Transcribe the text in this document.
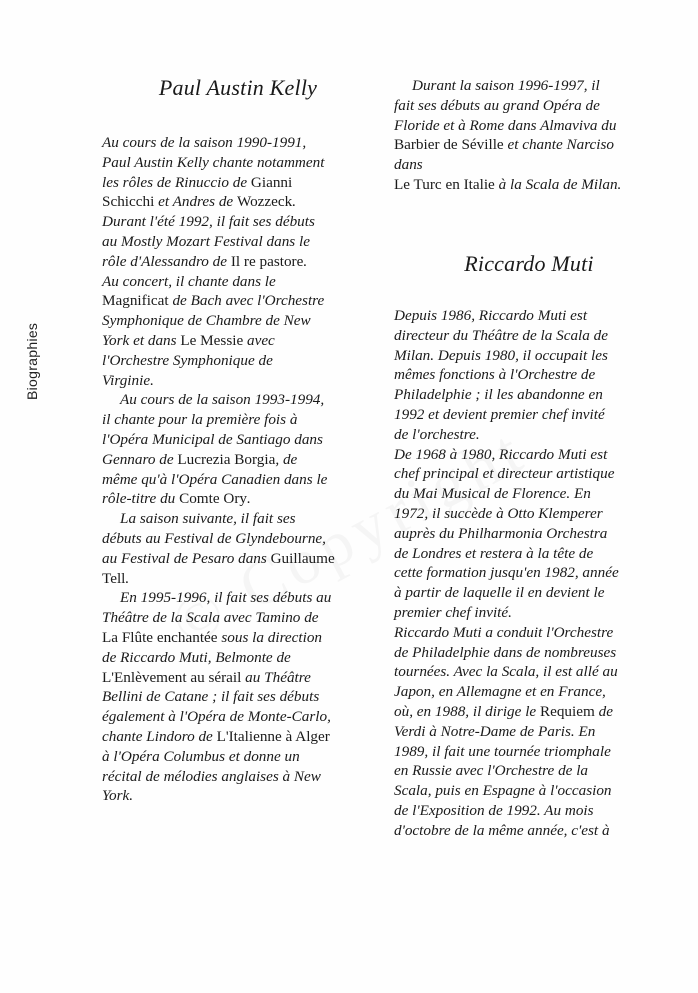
Biographies
Paul Austin Kelly
Au cours de la saison 1990-1991,
Paul Austin Kelly chante notamment
les rôles de Rinuccio de Gianni
Schicchi et Andres de Wozzeck.
Durant l'été 1992, il fait ses débuts
au Mostly Mozart Festival dans le
rôle d'Alessandro de Il re pastore.
Au concert, il chante dans le
Magnificat de Bach avec l'Orchestre
Symphonique de Chambre de New
York et dans Le Messie avec
l'Orchestre Symphonique de
Virginie.
Au cours de la saison 1993-1994,
il chante pour la première fois à
l'Opéra Municipal de Santiago dans
Gennaro de Lucrezia Borgia, de
même qu'à l'Opéra Canadien dans le
rôle-titre du Comte Ory.
La saison suivante, il fait ses
débuts au Festival de Glyndebourne,
au Festival de Pesaro dans Guillaume
Tell.
En 1995-1996, il fait ses débuts au
Théâtre de la Scala avec Tamino de
La Flûte enchantée sous la direction
de Riccardo Muti, Belmonte de
L'Enlèvement au sérail au Théâtre
Bellini de Catane ; il fait ses débuts
également à l'Opéra de Monte-Carlo,
chante Lindoro de L'Italienne à Alger
à l'Opéra Columbus et donne un
récital de mélodies anglaises à New
York.
Durant la saison 1996-1997, il
fait ses débuts au grand Opéra de
Floride et à Rome dans Almaviva du
Barbier de Séville et chante Narciso
dans
Le Turc en Italie à la Scala de Milan.
Riccardo Muti
Depuis 1986, Riccardo Muti est
directeur du Théâtre de la Scala de
Milan. Depuis 1980, il occupait les
mêmes fonctions à l'Orchestre de
Philadelphie ; il les abandonne en
1992 et devient premier chef invité
de l'orchestre.
De 1968 à 1980, Riccardo Muti est
chef principal et directeur artistique
du Mai Musical de Florence. En
1972, il succède à Otto Klemperer
auprès du Philharmonia Orchestra
de Londres et restera à la tête de
cette formation jusqu'en 1982, année
à partir de laquelle il en devient le
premier chef invité.
Riccardo Muti a conduit l'Orchestre
de Philadelphie dans de nombreuses
tournées. Avec la Scala, il est allé au
Japon, en Allemagne et en France,
où, en 1988, il dirige le Requiem de
Verdi à Notre-Dame de Paris. En
1989, il fait une tournée triomphale
en Russie avec l'Orchestre de la
Scala, puis en Espagne à l'occasion
de l'Exposition de 1992. Au mois
d'octobre de la même année, c'est à
